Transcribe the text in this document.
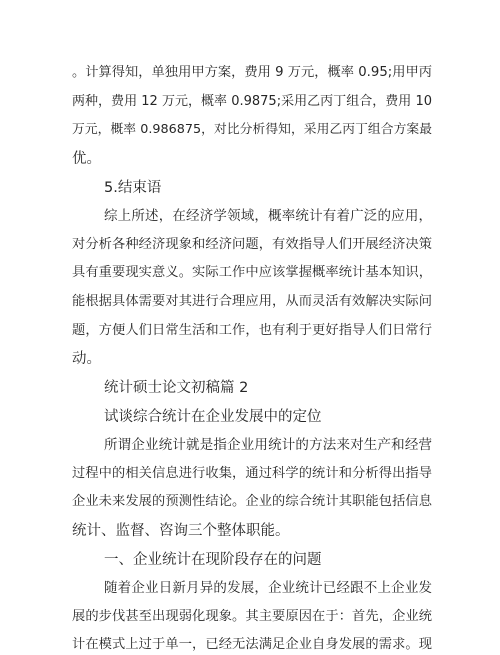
。计算得知，单独用甲方案，费用 9 万元，概率 0.95;用甲丙
两种，费用 12 万元，概率 0.9875;采用乙丙丁组合，费用 10
万元，概率 0.986875，对比分析得知，采用乙丙丁组合方案最
优。
5.结束语
综上所述，在经济学领域，概率统计有着广泛的应用，
对分析各种经济现象和经济问题，有效指导人们开展经济决策
具有重要现实意义。实际工作中应该掌握概率统计基本知识，
能根据具体需要对其进行合理应用，从而灵活有效解决实际问
题，方便人们日常生活和工作，也有利于更好指导人们日常行
动。
统计硕士论文初稿篇 2
试谈综合统计在企业发展中的定位
所谓企业统计就是指企业用统计的方法来对生产和经营
过程中的相关信息进行收集，通过科学的统计和分析得出指导
企业未来发展的预测性结论。企业的综合统计其职能包括信息
统计、监督、咨询三个整体职能。
一、企业统计在现阶段存在的问题
随着企业日新月异的发展，企业统计已经跟不上企业发
展的步伐甚至出现弱化现象。其主要原因在于：首先，企业统
计在模式上过于单一，已经无法满足企业自身发展的需求。现
